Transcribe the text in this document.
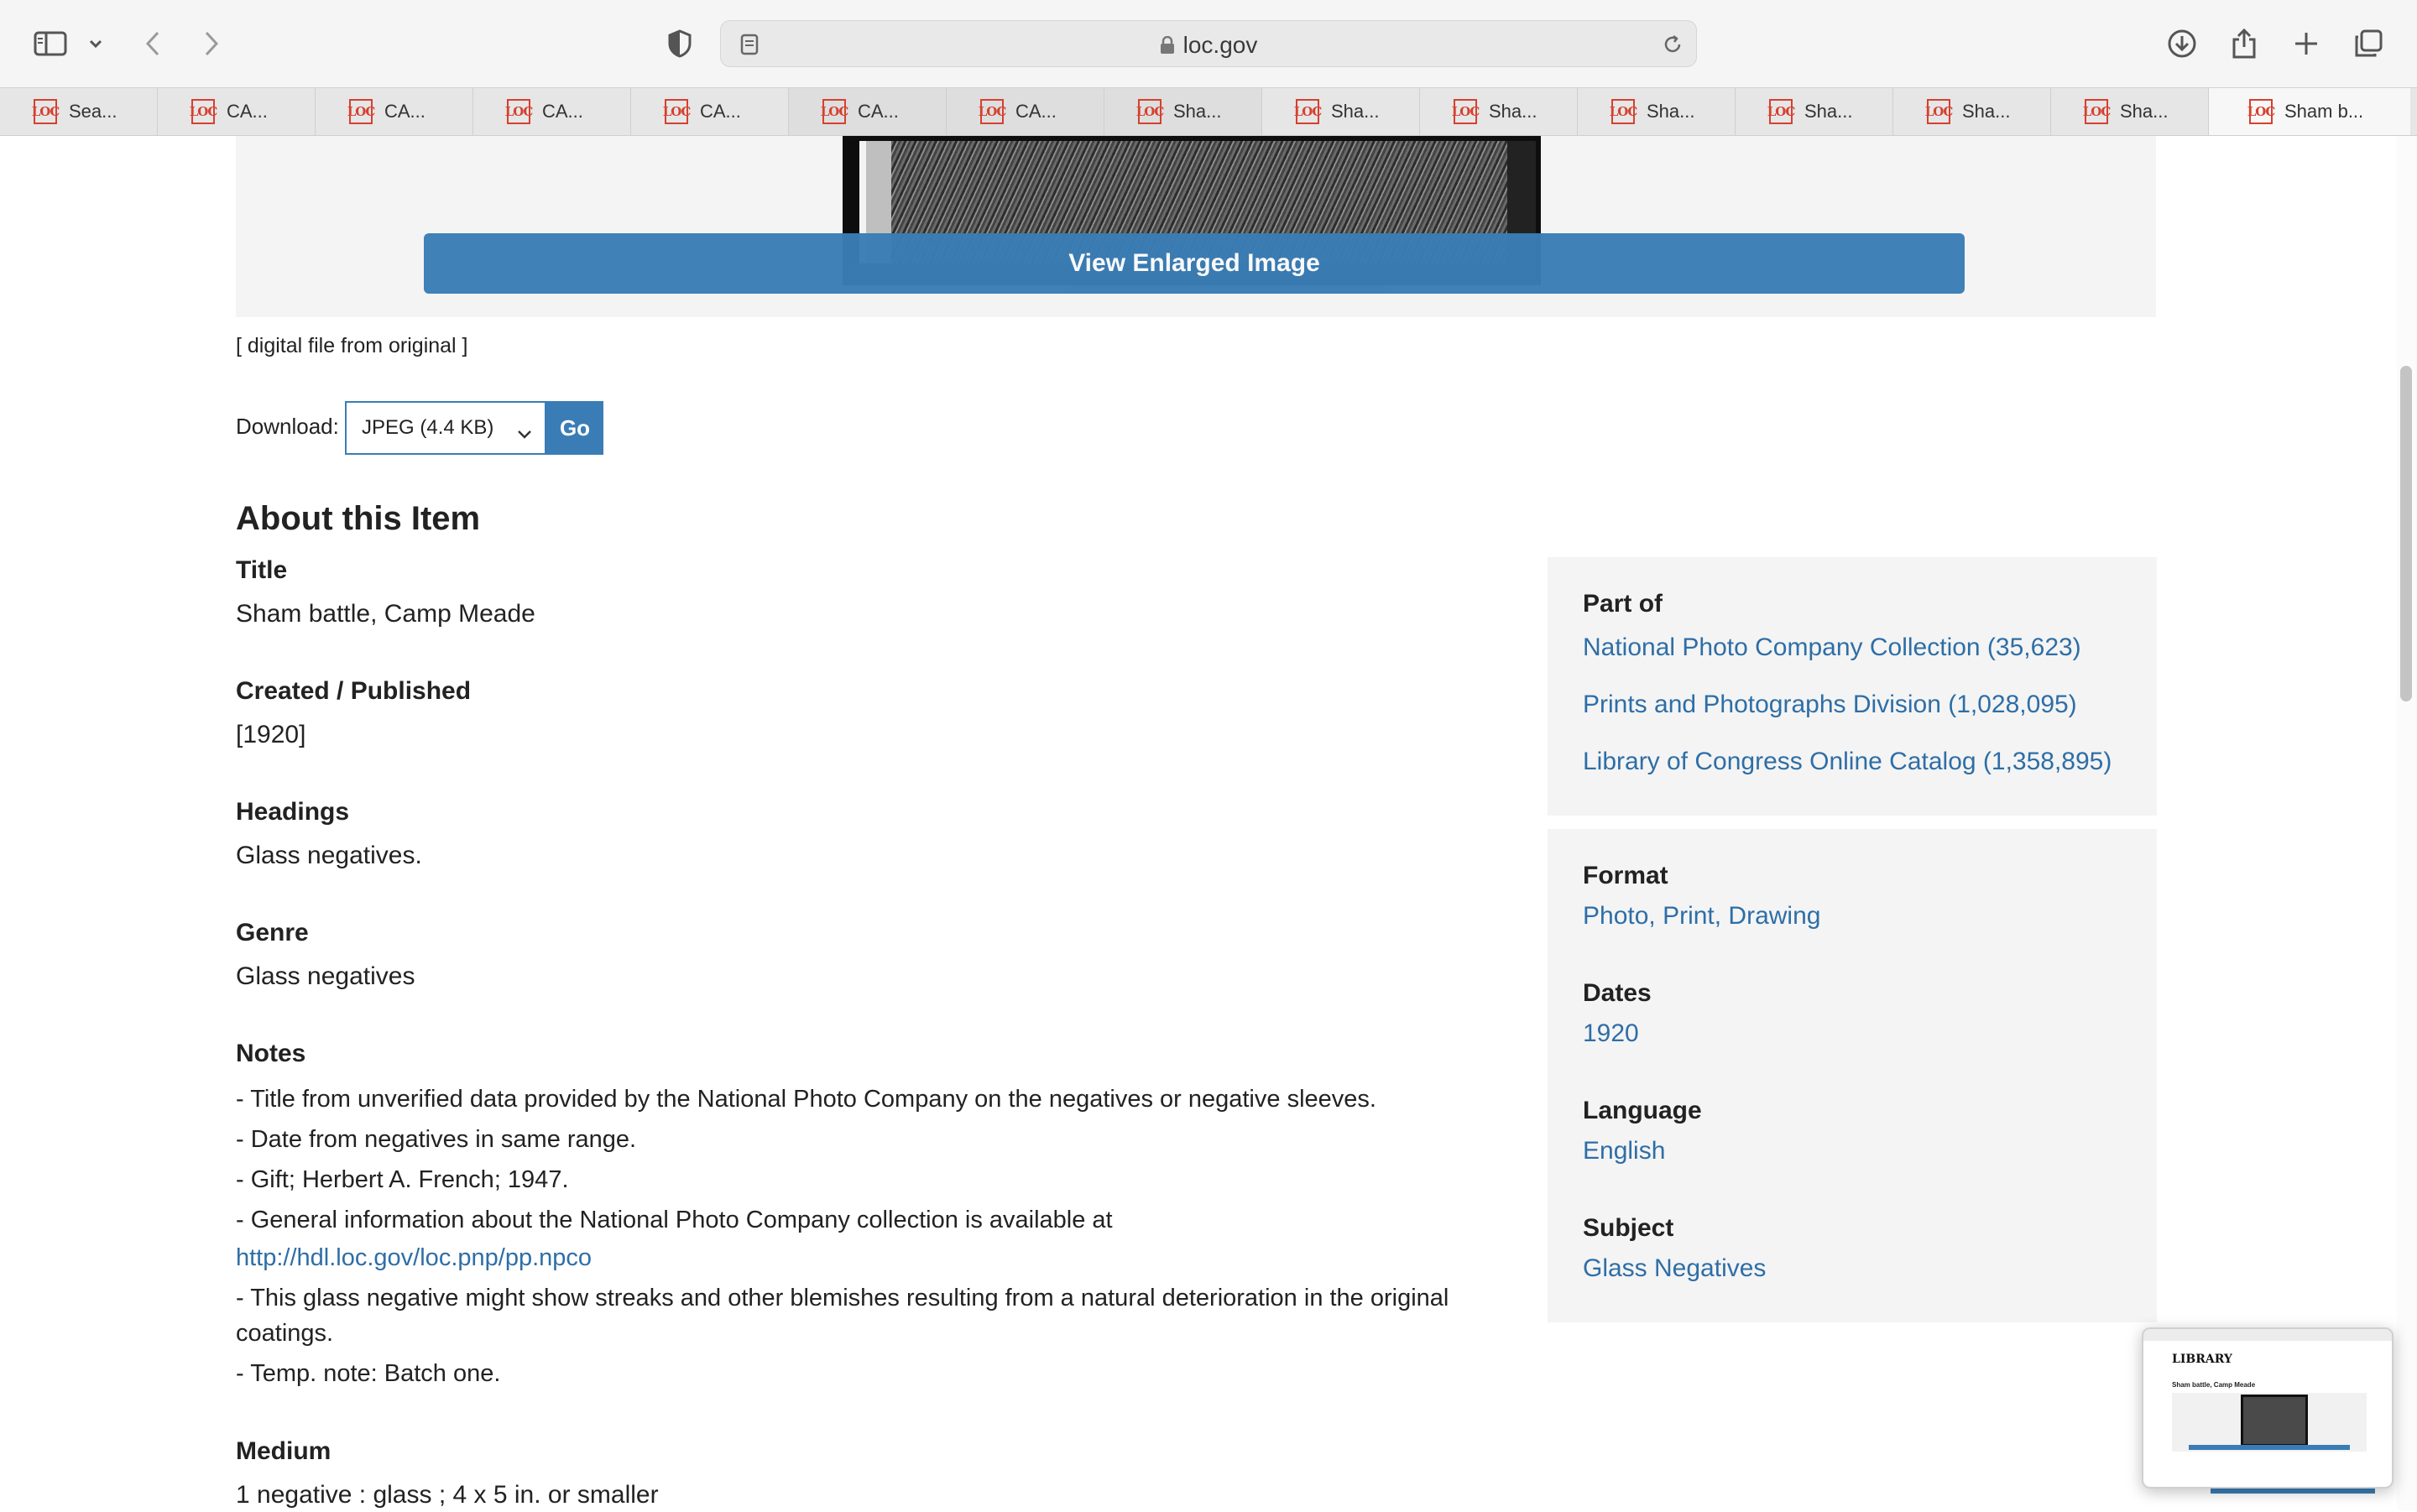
loc.gov
LOC Sea...	LOC CA...	LOC CA...	LOC CA...	LOC CA...	LOC CA...	LOC CA...	LOC Sha...	LOC Sha...	LOC Sha...	LOC Sha...	LOC Sha...	LOC Sha...	LOC Sha...	LOC Sham b...
View Enlarged Image
[ digital file from original ]
Download:	JPEG (4.4 KB)	Go
About this Item
Title
Sham battle, Camp Meade
Created / Published
[1920]
Headings
Glass negatives.
Genre
Glass negatives
Notes
- Title from unverified data provided by the National Photo Company on the negatives or negative sleeves.
- Date from negatives in same range.
- Gift; Herbert A. French; 1947.
- General information about the National Photo Company collection is available at
http://hdl.loc.gov/loc.pnp/pp.npco
- This glass negative might show streaks and other blemishes resulting from a natural deterioration in the original coatings.
- Temp. note: Batch one.
Medium
1 negative : glass ; 4 x 5 in. or smaller
Part of
National Photo Company Collection (35,623)
Prints and Photographs Division (1,028,095)
Library of Congress Online Catalog (1,358,895)
Format
Photo, Print, Drawing
Dates
1920
Language
English
Subject
Glass Negatives
LIBRARY
Sham battle, Camp Meade
